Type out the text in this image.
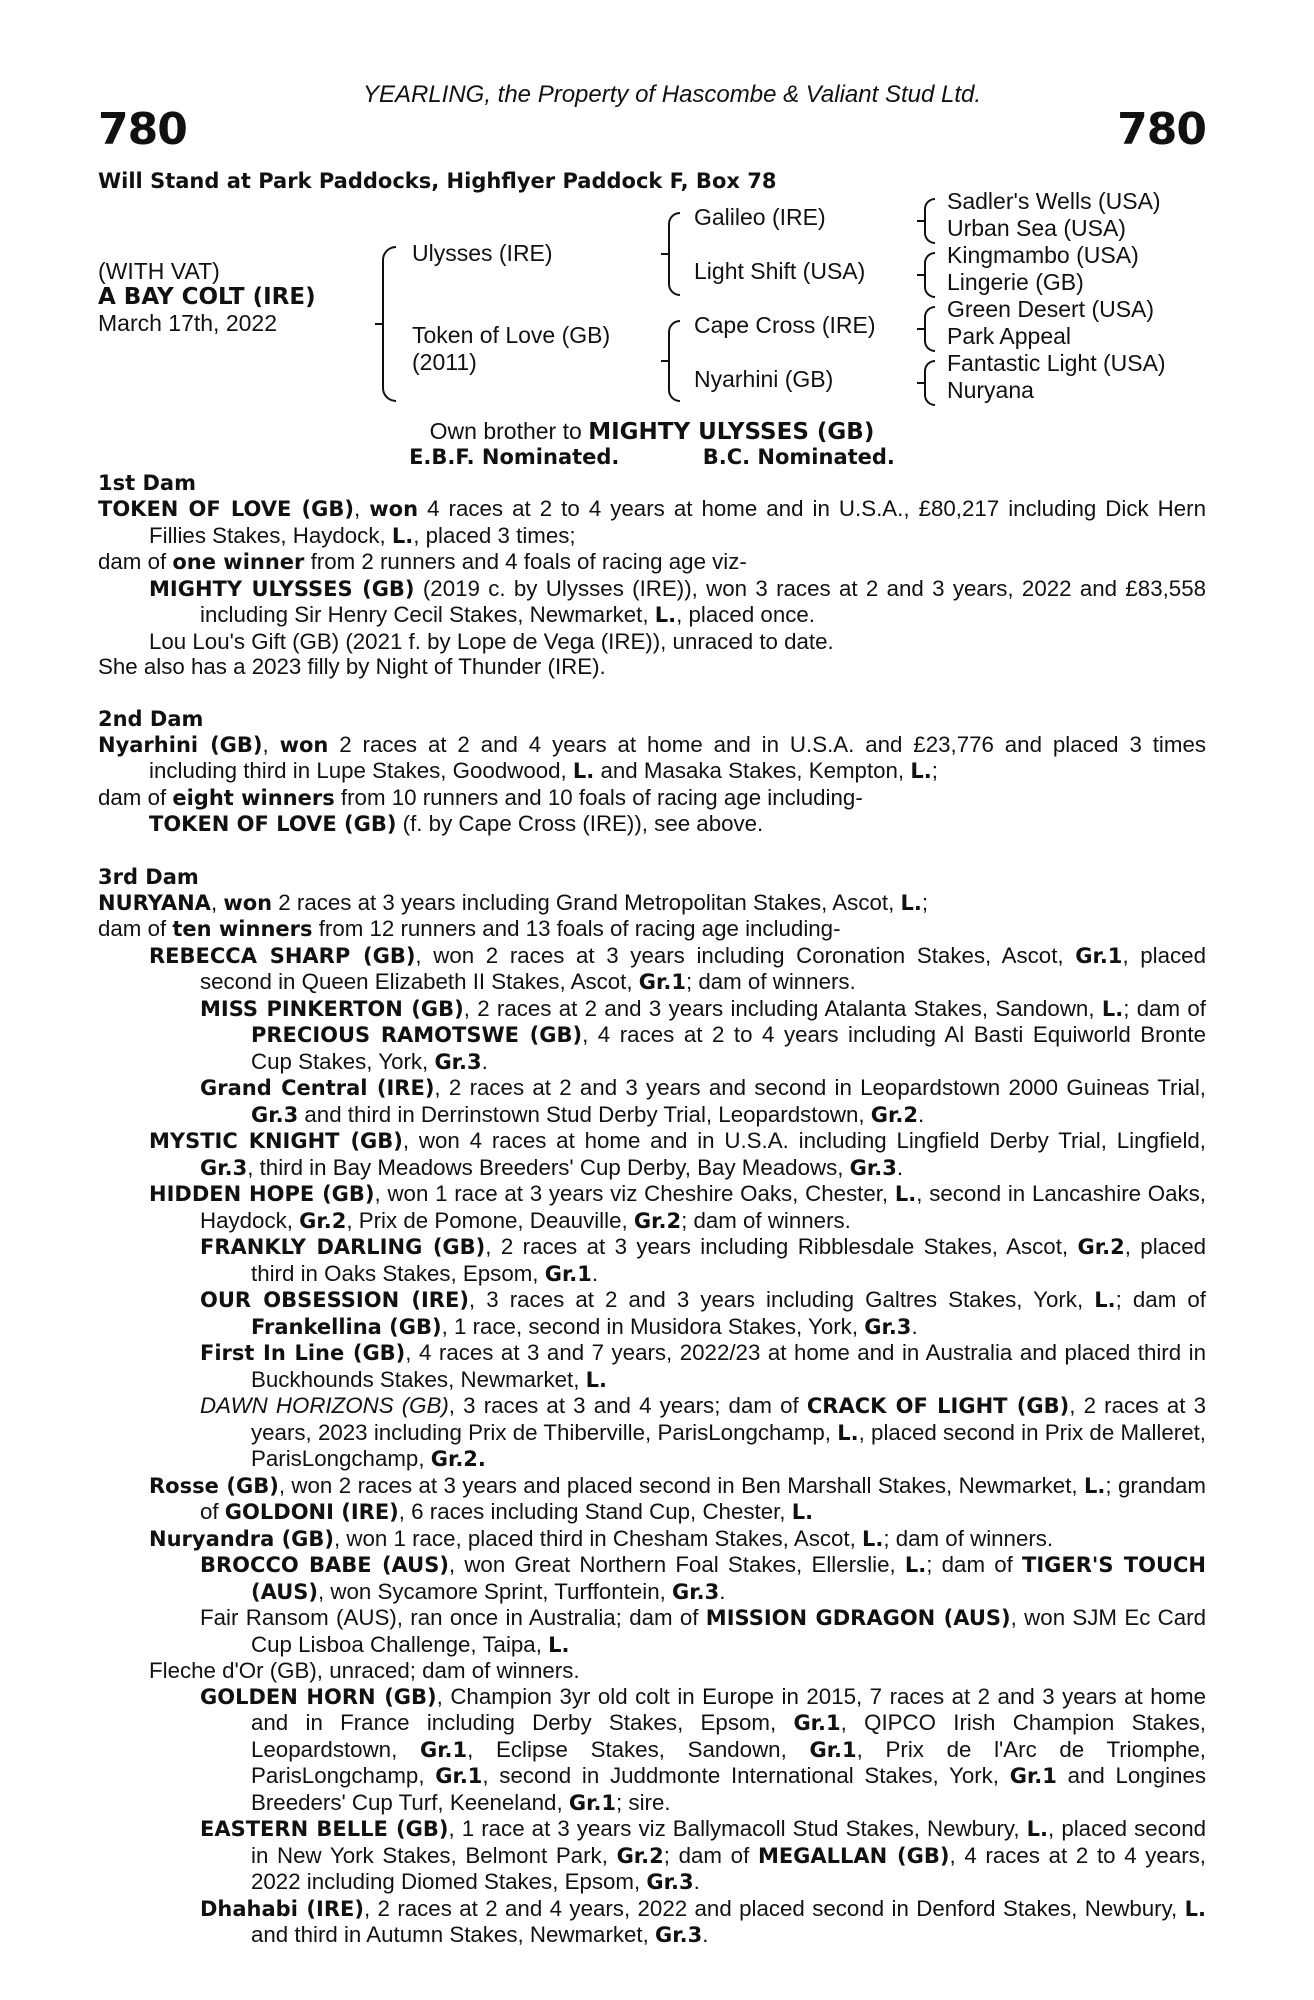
YEARLING, the Property of Hascombe & Valiant Stud Ltd.
780	780
Will Stand at Park Paddocks, Highflyer Paddock F, Box 78
(WITH VAT)
A BAY COLT (IRE)
March 17th, 2022
Ulysses (IRE)
Token of Love (GB)
(2011)
Galileo (IRE)
Light Shift (USA)
Cape Cross (IRE)
Nyarhini (GB)
Sadler's Wells (USA)
Urban Sea (USA)
Kingmambo (USA)
Lingerie (GB)
Green Desert (USA)
Park Appeal
Fantastic Light (USA)
Nuryana
Own brother to MIGHTY ULYSSES (GB)
E.B.F. Nominated.	B.C. Nominated.
1st Dam

TOKEN OF LOVE (GB), won 4 races at 2 to 4 years at home and in U.S.A., £80,217 including Dick Hern Fillies Stakes, Haydock, L., placed 3 times;

dam of one winner from 2 runners and 4 foals of racing age viz-

MIGHTY ULYSSES (GB) (2019 c. by Ulysses (IRE)), won 3 races at 2 and 3 years, 2022 and £83,558 including Sir Henry Cecil Stakes, Newmarket, L., placed once.

Lou Lou's Gift (GB) (2021 f. by Lope de Vega (IRE)), unraced to date.

She also has a 2023 filly by Night of Thunder (IRE).

2nd Dam

Nyarhini (GB), won 2 races at 2 and 4 years at home and in U.S.A. and £23,776 and placed 3 times including third in Lupe Stakes, Goodwood, L. and Masaka Stakes, Kempton, L.;

dam of eight winners from 10 runners and 10 foals of racing age including-

TOKEN OF LOVE (GB) (f. by Cape Cross (IRE)), see above.

3rd Dam

NURYANA, won 2 races at 3 years including Grand Metropolitan Stakes, Ascot, L.;

dam of ten winners from 12 runners and 13 foals of racing age including-

REBECCA SHARP (GB), won 2 races at 3 years including Coronation Stakes, Ascot, Gr.1, placed second in Queen Elizabeth II Stakes, Ascot, Gr.1; dam of winners.

MISS PINKERTON (GB), 2 races at 2 and 3 years including Atalanta Stakes, Sandown, L.; dam of PRECIOUS RAMOTSWE (GB), 4 races at 2 to 4 years including Al Basti Equiworld Bronte Cup Stakes, York, Gr.3.

Grand Central (IRE), 2 races at 2 and 3 years and second in Leopardstown 2000 Guineas Trial, Gr.3 and third in Derrinstown Stud Derby Trial, Leopardstown, Gr.2.

MYSTIC KNIGHT (GB), won 4 races at home and in U.S.A. including Lingfield Derby Trial, Lingfield, Gr.3, third in Bay Meadows Breeders' Cup Derby, Bay Meadows, Gr.3.

HIDDEN HOPE (GB), won 1 race at 3 years viz Cheshire Oaks, Chester, L., second in Lancashire Oaks, Haydock, Gr.2, Prix de Pomone, Deauville, Gr.2; dam of winners.

FRANKLY DARLING (GB), 2 races at 3 years including Ribblesdale Stakes, Ascot, Gr.2, placed third in Oaks Stakes, Epsom, Gr.1.

OUR OBSESSION (IRE), 3 races at 2 and 3 years including Galtres Stakes, York, L.; dam of Frankellina (GB), 1 race, second in Musidora Stakes, York, Gr.3.

First In Line (GB), 4 races at 3 and 7 years, 2022/23 at home and in Australia and placed third in Buckhounds Stakes, Newmarket, L.

DAWN HORIZONS (GB), 3 races at 3 and 4 years; dam of CRACK OF LIGHT (GB), 2 races at 3 years, 2023 including Prix de Thiberville, ParisLongchamp, L., placed second in Prix de Malleret, ParisLongchamp, Gr.2.

Rosse (GB), won 2 races at 3 years and placed second in Ben Marshall Stakes, Newmarket, L.; grandam of GOLDONI (IRE), 6 races including Stand Cup, Chester, L.

Nuryandra (GB), won 1 race, placed third in Chesham Stakes, Ascot, L.; dam of winners.

BROCCO BABE (AUS), won Great Northern Foal Stakes, Ellerslie, L.; dam of TIGER'S TOUCH (AUS), won Sycamore Sprint, Turffontein, Gr.3.

Fair Ransom (AUS), ran once in Australia; dam of MISSION GDRAGON (AUS), won SJM Ec Card Cup Lisboa Challenge, Taipa, L.

Fleche d'Or (GB), unraced; dam of winners.

GOLDEN HORN (GB), Champion 3yr old colt in Europe in 2015, 7 races at 2 and 3 years at home and in France including Derby Stakes, Epsom, Gr.1, QIPCO Irish Champion Stakes, Leopardstown, Gr.1, Eclipse Stakes, Sandown, Gr.1, Prix de l'Arc de Triomphe, ParisLongchamp, Gr.1, second in Juddmonte International Stakes, York, Gr.1 and Longines Breeders' Cup Turf, Keeneland, Gr.1; sire.

EASTERN BELLE (GB), 1 race at 3 years viz Ballymacoll Stud Stakes, Newbury, L., placed second in New York Stakes, Belmont Park, Gr.2; dam of MEGALLAN (GB), 4 races at 2 to 4 years, 2022 including Diomed Stakes, Epsom, Gr.3.

Dhahabi (IRE), 2 races at 2 and 4 years, 2022 and placed second in Denford Stakes, Newbury, L. and third in Autumn Stakes, Newmarket, Gr.3.
